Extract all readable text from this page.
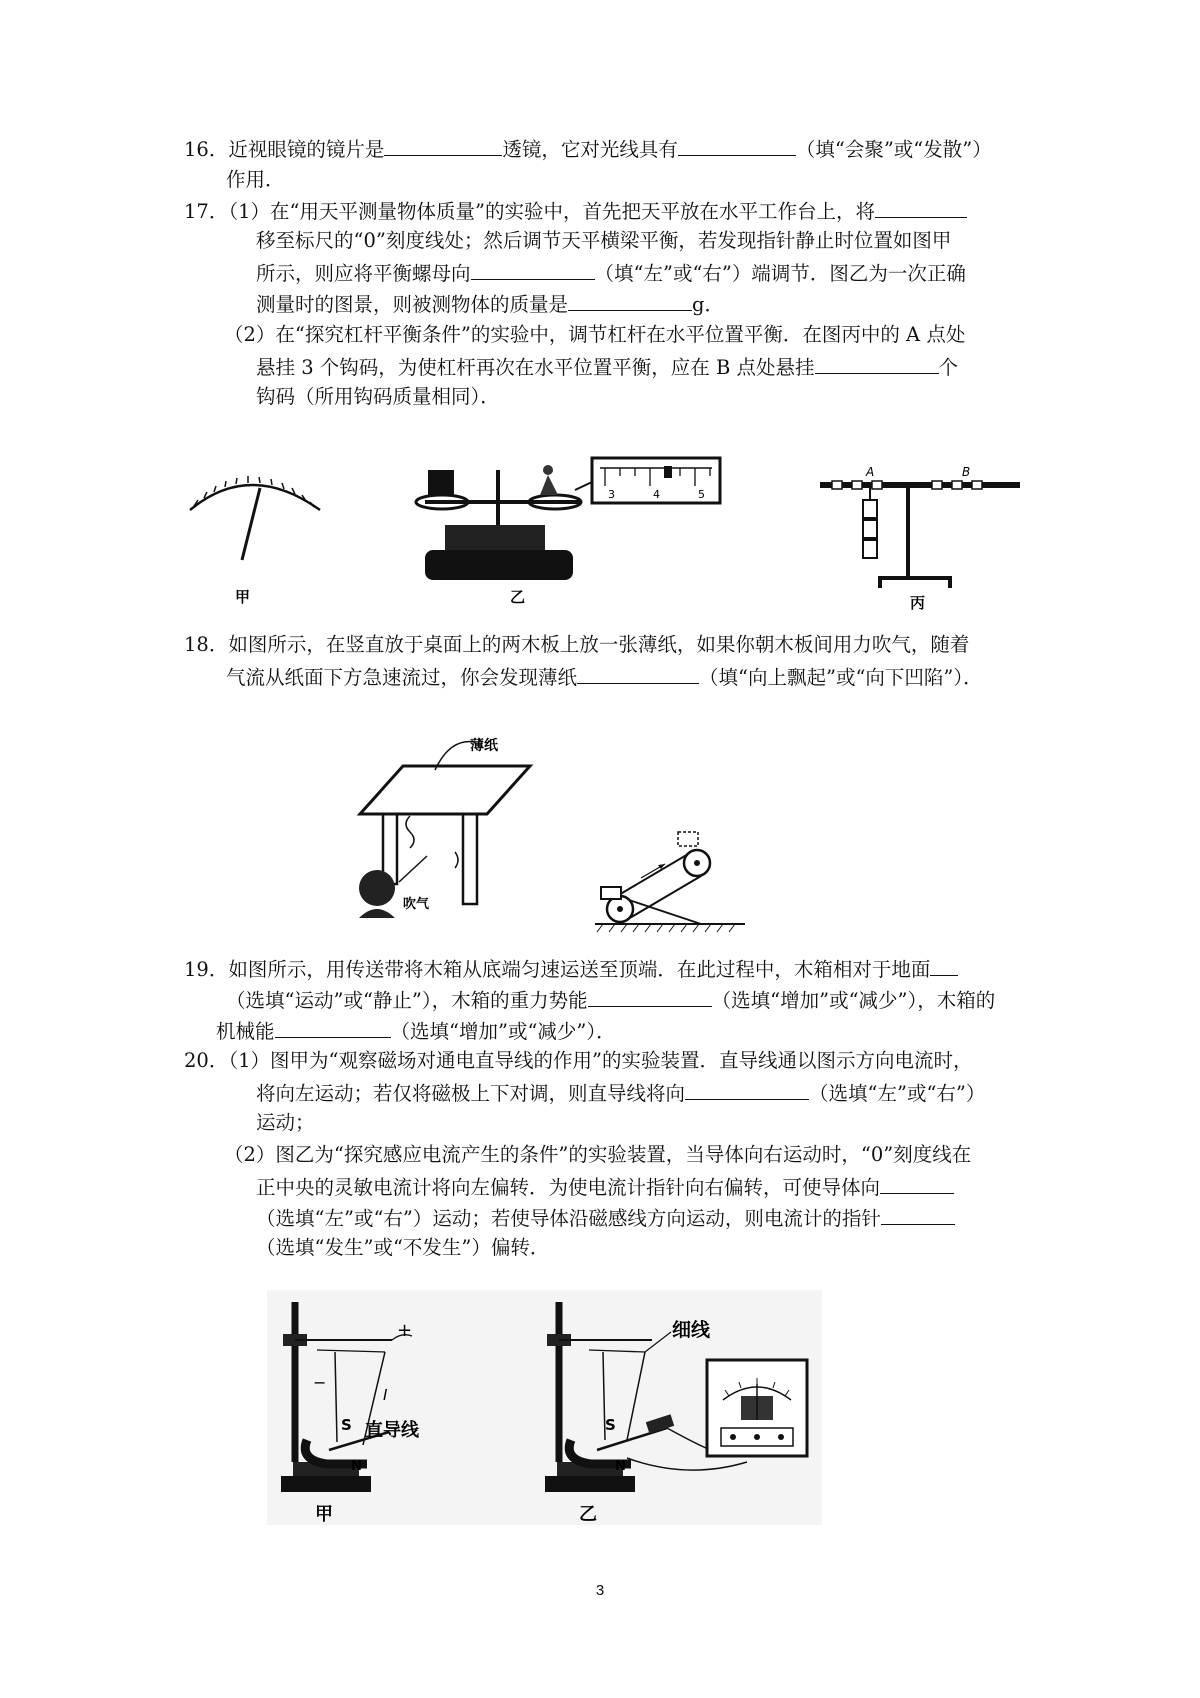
16．近视眼镜的镜片是	透镜，它对光线具有	（填“会聚”或“发散”）
作用．
17．（1）在“用天平测量物体质量”的实验中，首先把天平放在水平工作台上，将
移至标尺的“0”刻度线处；然后调节天平横梁平衡，若发现指针静止时位置如图甲
所示，则应将平衡螺母向	（填“左”或“右”）端调节．图乙为一次正确
测量时的图景，则被测物体的质量是	g．
（2）在“探究杠杆平衡条件”的实验中，调节杠杆在水平位置平衡．在图丙中的 A 点处
悬挂 3 个钩码，为使杠杆再次在水平位置平衡，应在 B 点处悬挂	个
钩码（所用钩码质量相同）．
甲
3	4	5
乙
A	B
丙
18．如图所示，在竖直放于桌面上的两木板上放一张薄纸，如果你朝木板间用力吹气，随着
气流从纸面下方急速流过，你会发现薄纸	（填“向上飘起”或“向下凹陷”）．
薄纸
吹气
19．如图所示，用传送带将木箱从底端匀速运送至顶端．在此过程中，木箱相对于地面
（选填“运动”或“静止”），木箱的重力势能	（选填“增加”或“减少”），木箱的
机械能	（选填“增加”或“减少”）．
20．（1）图甲为“观察磁场对通电直导线的作用”的实验装置．直导线通以图示方向电流时，
将向左运动；若仅将磁极上下对调，则直导线将向	（选填“左”或“右”）
运动；
（2）图乙为“探究感应电流产生的条件”的实验装置，当导体向右运动时，“0”刻度线在
正中央的灵敏电流计将向左偏转．为使电流计指针向右偏转，可使导体向
（选填“左”或“右”）运动；若使导体沿磁感线方向运动，则电流计的指针
（选填“发生”或“不发生”）偏转．
+
−
I
S
N
直导线
甲
细线
S
N
乙
3
